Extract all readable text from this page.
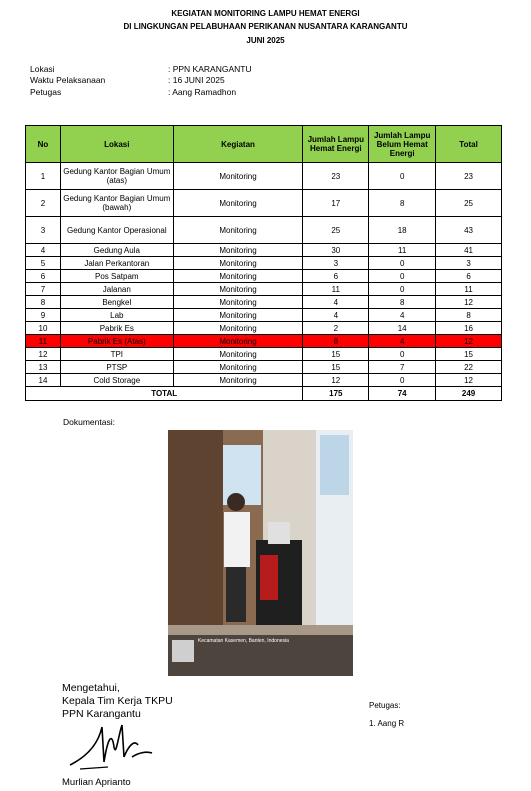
KEGIATAN MONITORING LAMPU HEMAT ENERGI
DI LINGKUNGAN PELABUHAAN PERIKANAN NUSANTARA KARANGANTU
JUNI 2025
Lokasi	: PPN KARANGANTU
Waktu Pelaksanaan	: 16 JUNI 2025
Petugas	: Aang Ramadhon
No	Lokasi	Kegiatan	Jumlah Lampu Hemat Energi	Jumlah Lampu Belum Hemat Energi	Total
1	Gedung Kantor Bagian Umum (atas)	Monitoring	23	0	23
2	Gedung Kantor Bagian Umum (bawah)	Monitoring	17	8	25
3	Gedung Kantor Operasional	Monitoring	25	18	43
4	Gedung Aula	Monitoring	30	11	41
5	Jalan Perkantoran	Monitoring	3	0	3
6	Pos Satpam	Monitoring	6	0	6
7	Jalanan	Monitoring	11	0	11
8	Bengkel	Monitoring	4	8	12
9	Lab	Monitoring	4	4	8
10	Pabrik Es	Monitoring	2	14	16
11	Pabrik Es (Atas)	Monitoring	8	4	12
12	TPI	Monitoring	15	0	15
13	PTSP	Monitoring	15	7	22
14	Cold Storage	Monitoring	12	0	12
TOTAL			175	74	249
Dokumentasi:
Kecamatan Kasemen, Banten, Indonesia
Mengetahui,
Kepala Tim Kerja TKPU
PPN Karangantu
Murlian Aprianto
Petugas:
1. Aang R
